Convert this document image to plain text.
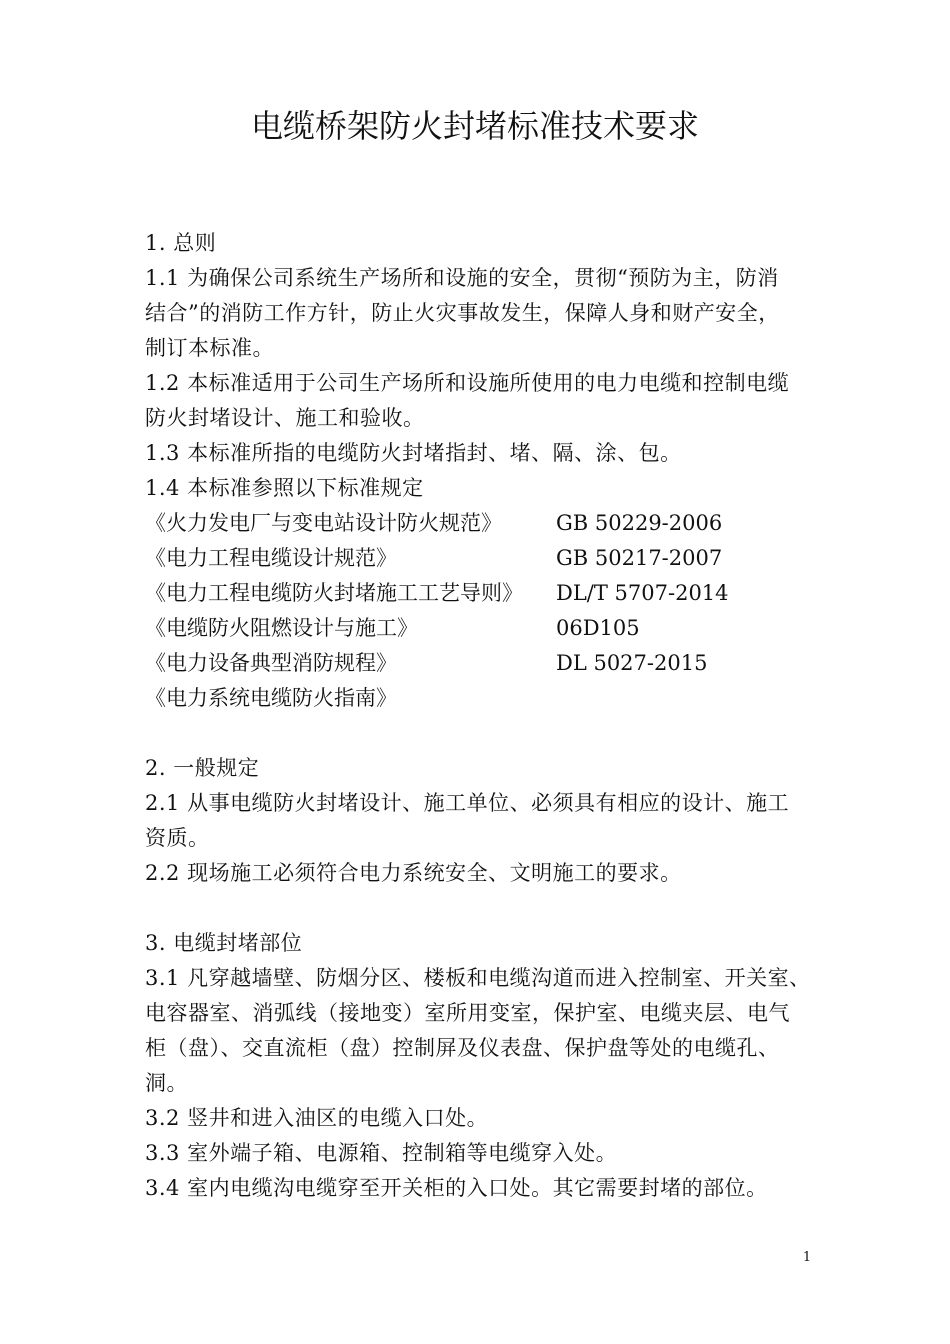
电缆桥架防火封堵标准技术要求
1. 总则
1.1 为确保公司系统生产场所和设施的安全，贯彻“预防为主，防消
结合”的消防工作方针，防止火灾事故发生，保障人身和财产安全，
制订本标准。
1.2 本标准适用于公司生产场所和设施所使用的电力电缆和控制电缆
防火封堵设计、施工和验收。
1.3 本标准所指的电缆防火封堵指封、堵、隔、涂、包。
1.4 本标准参照以下标准规定
《火力发电厂与变电站设计防火规范》	GB 50229-2006
《电力工程电缆设计规范》	GB 50217-2007
《电力工程电缆防火封堵施工工艺导则》 DL/T 5707-2014
《电缆防火阻燃设计与施工》	06D105
《电力设备典型消防规程》	DL 5027-2015
《电力系统电缆防火指南》
2. 一般规定
2.1 从事电缆防火封堵设计、施工单位、必须具有相应的设计、施工
资质。
2.2 现场施工必须符合电力系统安全、文明施工的要求。
3. 电缆封堵部位
3.1 凡穿越墙壁、防烟分区、楼板和电缆沟道而进入控制室、开关室、
电容器室、消弧线（接地变）室所用变室，保护室、电缆夹层、电气
柜（盘）、交直流柜（盘）控制屏及仪表盘、保护盘等处的电缆孔、
洞。
3.2 竖井和进入油区的电缆入口处。
3.3 室外端子箱、电源箱、控制箱等电缆穿入处。
3.4 室内电缆沟电缆穿至开关柜的入口处。其它需要封堵的部位。
1
